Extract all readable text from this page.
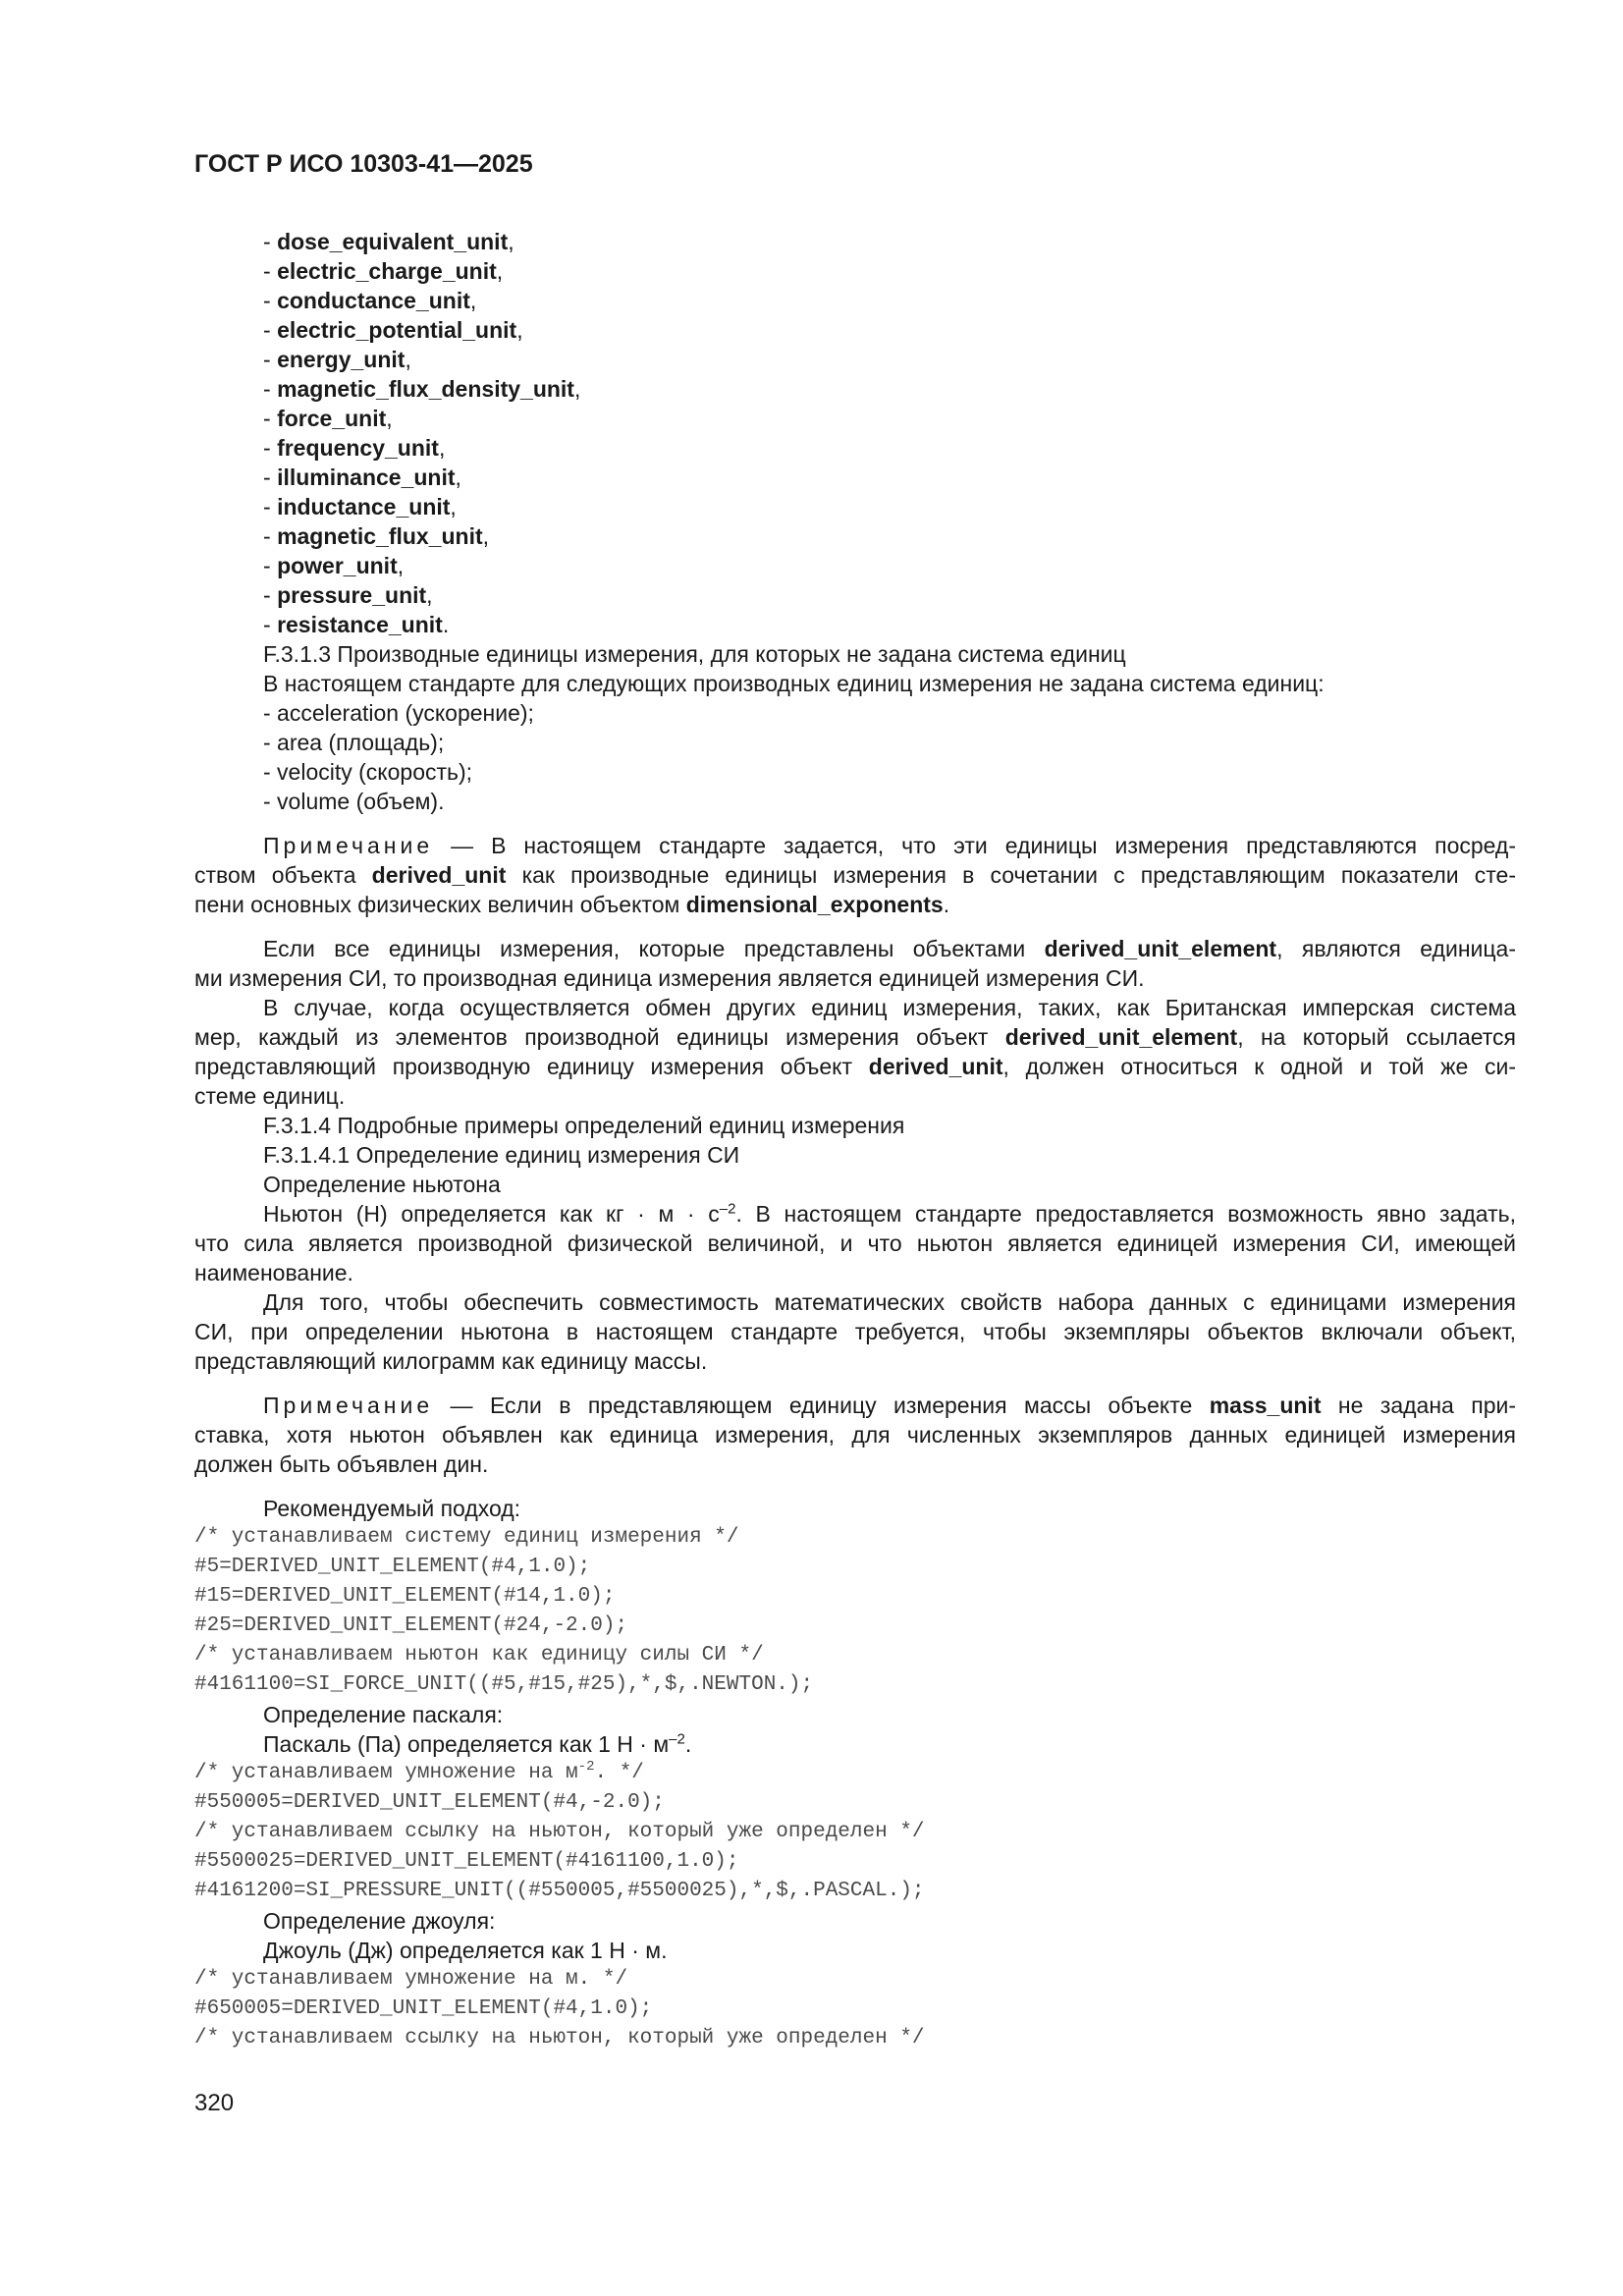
ГОСТ Р ИСО 10303-41—2025
- dose_equivalent_unit,
- electric_charge_unit,
- conductance_unit,
- electric_potential_unit,
- energy_unit,
- magnetic_flux_density_unit,
- force_unit,
- frequency_unit,
- illuminance_unit,
- inductance_unit,
- magnetic_flux_unit,
- power_unit,
- pressure_unit,
- resistance_unit.
F.3.1.3 Производные единицы измерения, для которых не задана система единиц
В настоящем стандарте для следующих производных единиц измерения не задана система единиц:
- acceleration (ускорение);
- area (площадь);
- velocity (скорость);
- volume (объем).
Примечание — В настоящем стандарте задается, что эти единицы измерения представляются посред-
ством объекта derived_unit как производные единицы измерения в сочетании с представляющим показатели сте-
пени основных физических величин объектом dimensional_exponents.
Если все единицы измерения, которые представлены объектами derived_unit_element, являются единица-
ми измерения СИ, то производная единица измерения является единицей измерения СИ.
В случае, когда осуществляется обмен других единиц измерения, таких, как Британская имперская система
мер, каждый из элементов производной единицы измерения объект derived_unit_element, на который ссылается
представляющий производную единицу измерения объект derived_unit, должен относиться к одной и той же си-
стеме единиц.
F.3.1.4 Подробные примеры определений единиц измерения
F.3.1.4.1 Определение единиц измерения СИ
Определение ньютона
Ньютон (Н) определяется как кг · $м \cdot с^{-2}$. В настоящем стандарте предоставляется возможность явно задать,
что сила является производной физической величиной, и что ньютон является единицей измерения СИ, имеющей
наименование.
Для того, чтобы обеспечить совместимость математических свойств набора данных с единицами измерения
СИ, при определении ньютона в настоящем стандарте требуется, чтобы экземпляры объектов включали объект,
представляющий килограмм как единицу массы.
Примечание — Если в представляющем единицу измерения массы объекте mass_unit не задана при-
ставка, хотя ньютон объявлен как единица измерения, для численных экземпляров данных единицей измерения
должен быть объявлен дин.
Рекомендуемый подход:
/* устанавливаем систему единиц измерения */
#5=DERIVED_UNIT_ELEMENT(#4,1.0);
#15=DERIVED_UNIT_ELEMENT(#14,1.0);
#25=DERIVED_UNIT_ELEMENT(#24,-2.0);
/* устанавливаем ньютон как единицу силы СИ */
#4161100=SI_FORCE_UNIT((#5,#15,#25),*,$,.NEWTON.);
Определение паскаля:
Паскаль (Па) определяется как 1 $Н \cdot м^{-2}$.
/* устанавливаем умножение на $м^{-2}$. */
#550005=DERIVED_UNIT_ELEMENT(#4,-2.0);
/* устанавливаем ссылку на ньютон, который уже определен */
#5500025=DERIVED_UNIT_ELEMENT(#4161100,1.0);
#4161200=SI_PRESSURE_UNIT((#550005,#5500025),*,$,.PASCAL.);
Определение джоуля:
Джоуль (Дж) определяется как 1 Н · м.
/* устанавливаем умножение на м. */
#650005=DERIVED_UNIT_ELEMENT(#4,1.0);
/* устанавливаем ссылку на ньютон, который уже определен */
320
